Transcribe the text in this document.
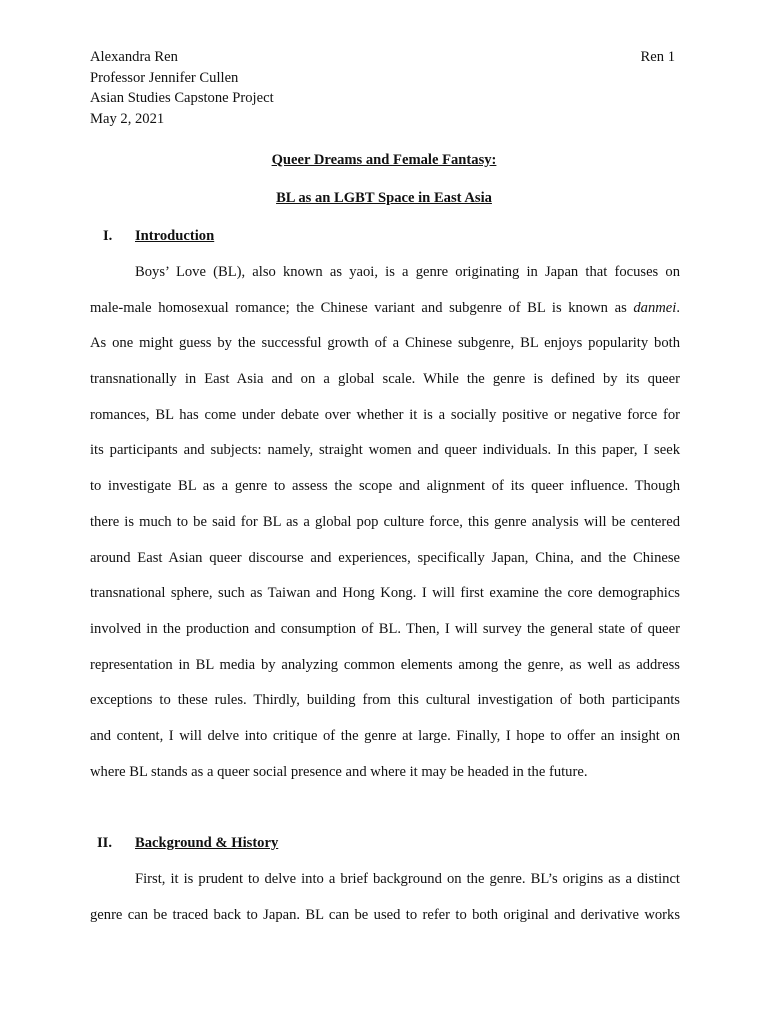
Ren 1
Alexandra Ren
Professor Jennifer Cullen
Asian Studies Capstone Project
May 2, 2021
Queer Dreams and Female Fantasy:
BL as an LGBT Space in East Asia
I. Introduction
Boys’ Love (BL), also known as yaoi, is a genre originating in Japan that focuses on
male-male homosexual romance; the Chinese variant and subgenre of BL is known as danmei.
As one might guess by the successful growth of a Chinese subgenre, BL enjoys popularity both
transnationally in East Asia and on a global scale. While the genre is defined by its queer
romances, BL has come under debate over whether it is a socially positive or negative force for
its participants and subjects: namely, straight women and queer individuals. In this paper, I seek
to investigate BL as a genre to assess the scope and alignment of its queer influence. Though
there is much to be said for BL as a global pop culture force, this genre analysis will be centered
around East Asian queer discourse and experiences, specifically Japan, China, and the Chinese
transnational sphere, such as Taiwan and Hong Kong. I will first examine the core demographics
involved in the production and consumption of BL. Then, I will survey the general state of queer
representation in BL media by analyzing common elements among the genre, as well as address
exceptions to these rules. Thirdly, building from this cultural investigation of both participants
and content, I will delve into critique of the genre at large. Finally, I hope to offer an insight on
where BL stands as a queer social presence and where it may be headed in the future.
II. Background & History
First, it is prudent to delve into a brief background on the genre. BL’s origins as a distinct
genre can be traced back to Japan. BL can be used to refer to both original and derivative works
